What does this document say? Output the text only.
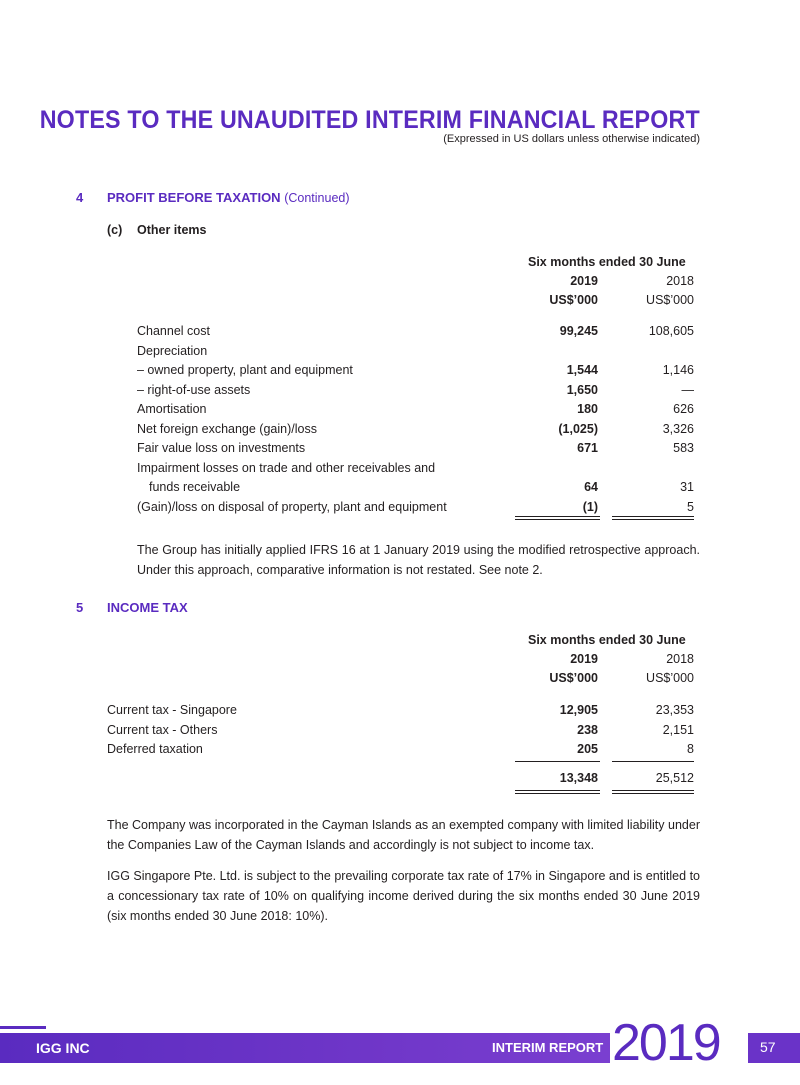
NOTES TO THE UNAUDITED INTERIM FINANCIAL REPORT
(Expressed in US dollars unless otherwise indicated)
4 PROFIT BEFORE TAXATION (Continued)
(c) Other items
Six months ended 30 June
2019	2018
US$’000	US$’000
Channel cost	99,245	108,605
Depreciation
– owned property, plant and equipment	1,544	1,146
– right-of-use assets	1,650	—
Amortisation	180	626
Net foreign exchange (gain)/loss	(1,025)	3,326
Fair value loss on investments	671	583
Impairment losses on trade and other receivables and
funds receivable	64	31
(Gain)/loss on disposal of property, plant and equipment	(1)	5
The Group has initially applied IFRS 16 at 1 January 2019 using the modified retrospective approach. Under this approach, comparative information is not restated. See note 2.
5 INCOME TAX
Six months ended 30 June
2019	2018
US$’000	US$’000
Current tax - Singapore	12,905	23,353
Current tax - Others	238	2,151
Deferred taxation	205	8
13,348	25,512
The Company was incorporated in the Cayman Islands as an exempted company with limited liability under the Companies Law of the Cayman Islands and accordingly is not subject to income tax.
IGG Singapore Pte. Ltd. is subject to the prevailing corporate tax rate of 17% in Singapore and is entitled to a concessionary tax rate of 10% on qualifying income derived during the six months ended 30 June 2019 (six months ended 30 June 2018: 10%).
IGG INC	INTERIM REPORT 2019	57
